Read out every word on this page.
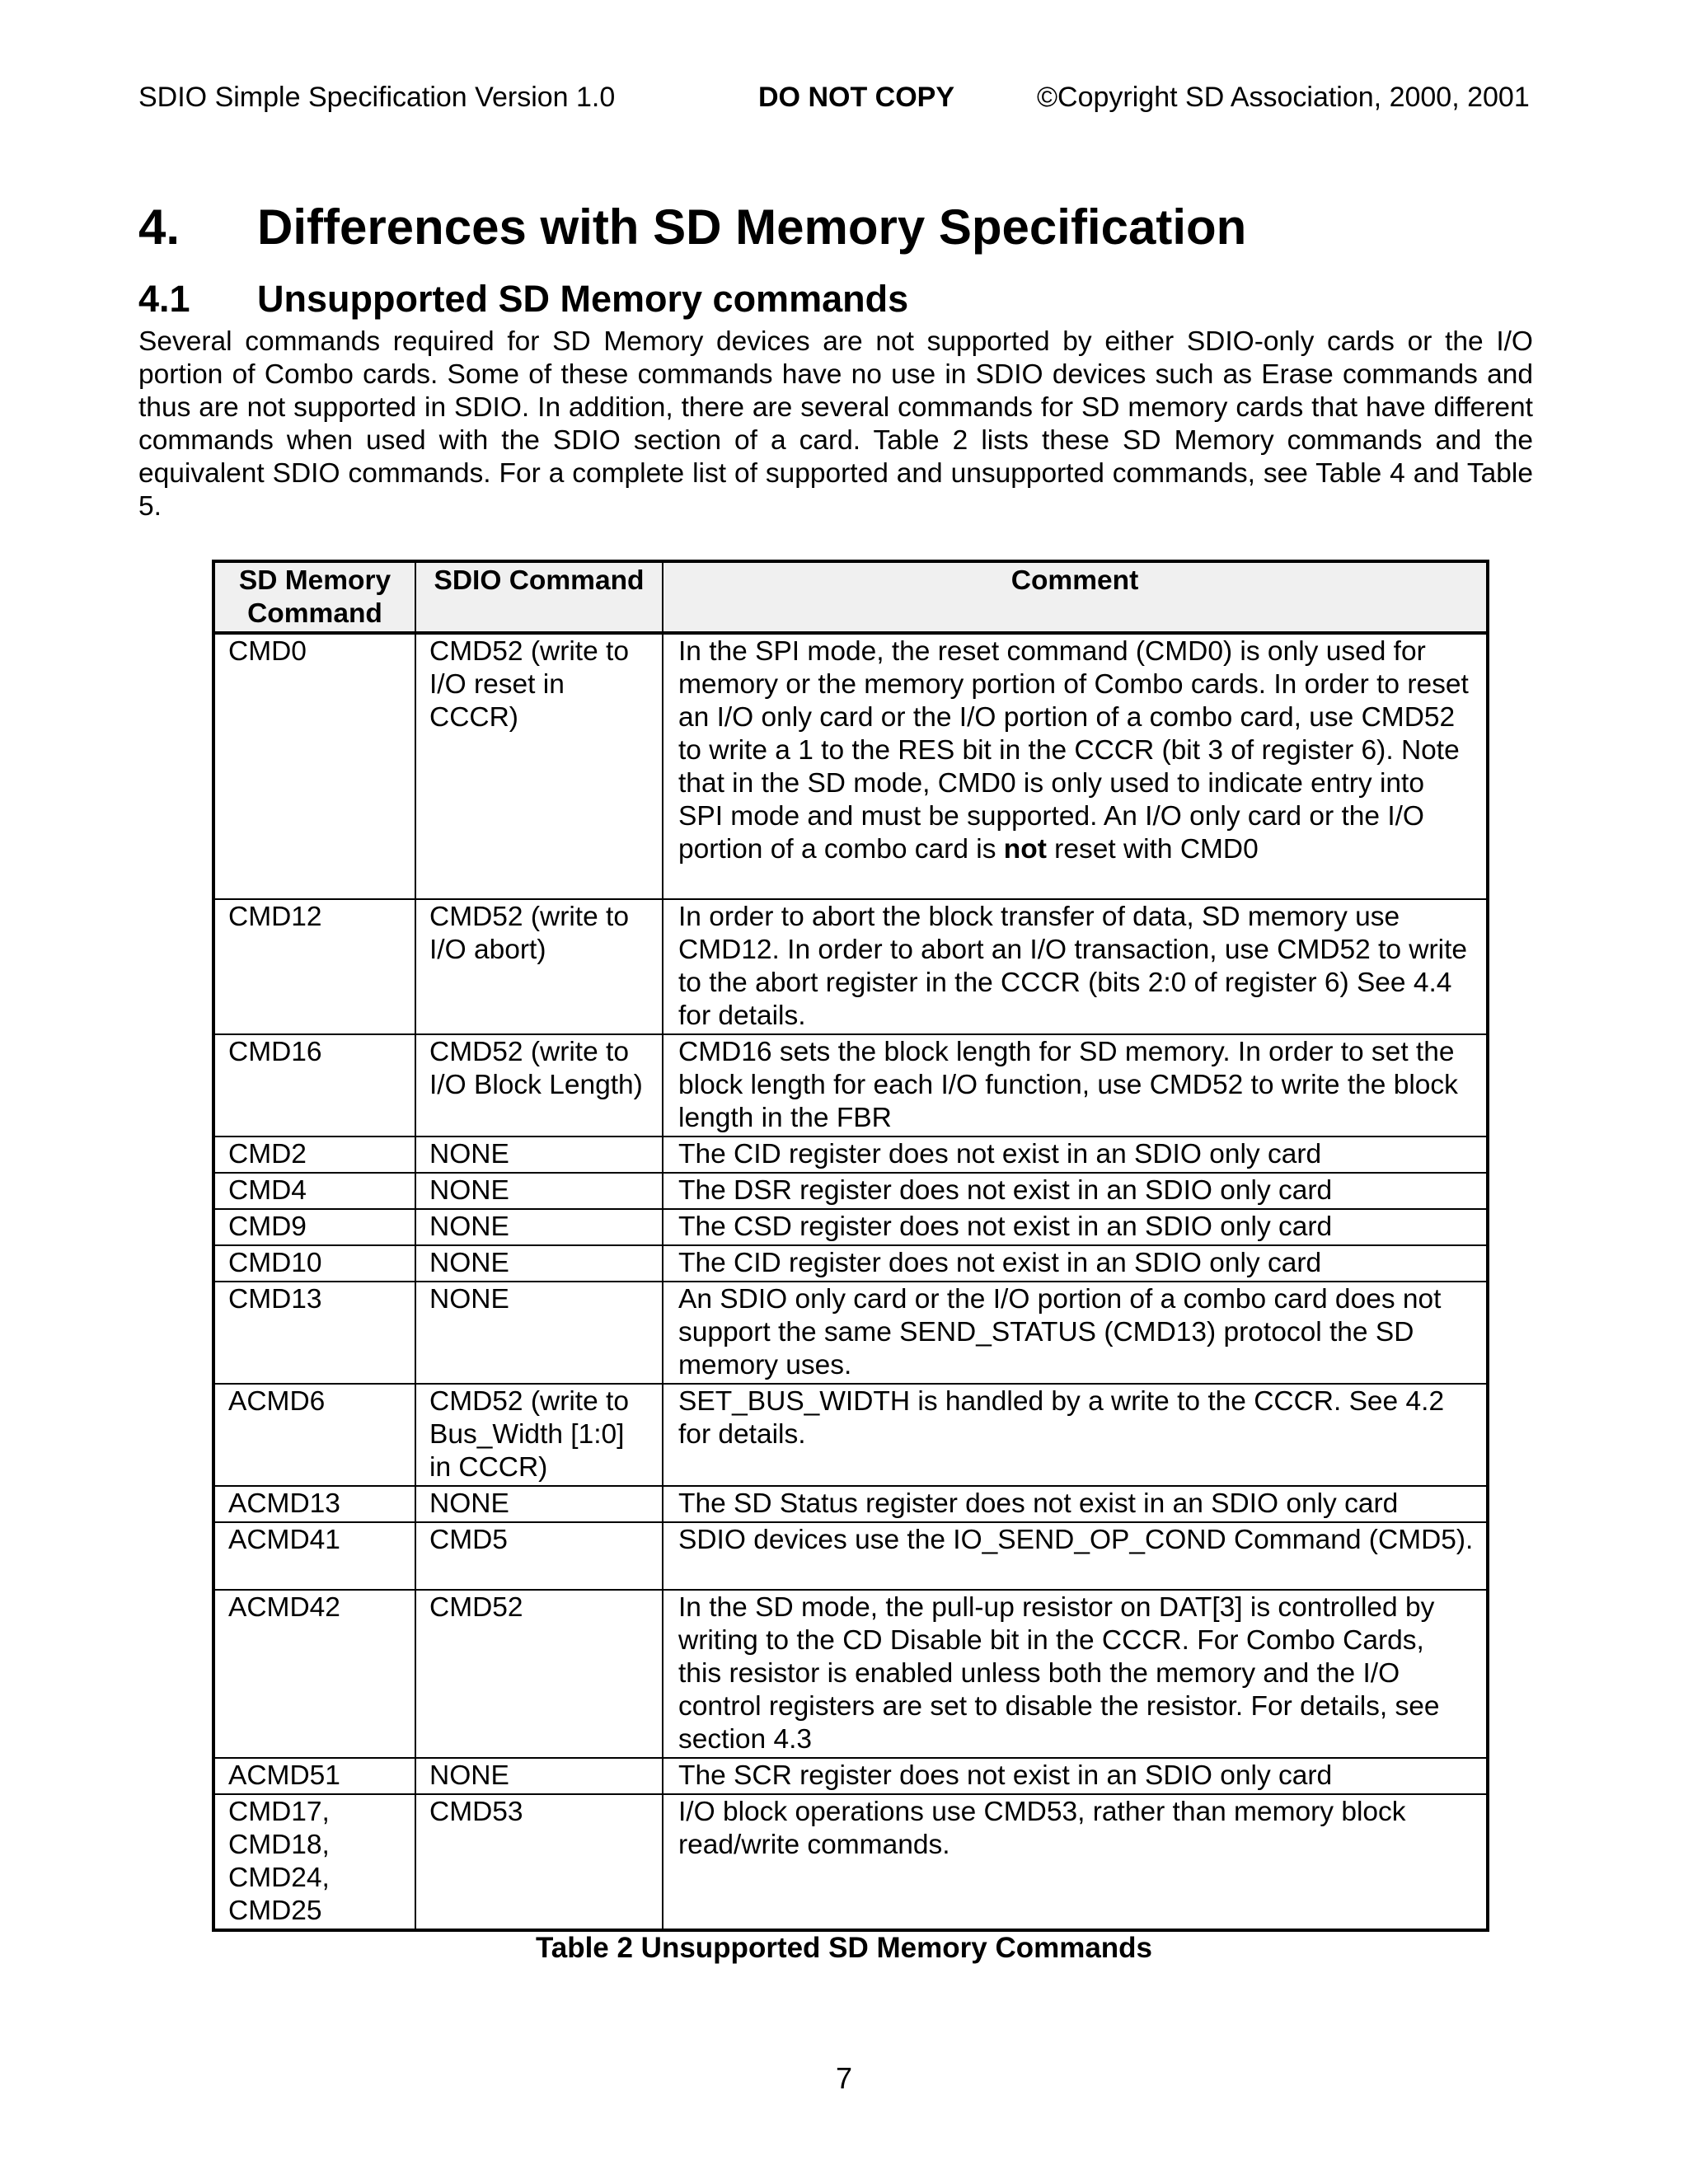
SDIO Simple Specification Version 1.0	DO NOT COPY	©Copyright SD Association, 2000, 2001
4. Differences with SD Memory Specification
4.1 Unsupported SD Memory commands

Several commands required for SD Memory devices are not supported by either SDIO-only cards or the I/O portion of Combo cards. Some of these commands have no use in SDIO devices such as Erase commands and thus are not supported in SDIO. In addition, there are several commands for SD memory cards that have different commands when used with the SDIO section of a card. Table 2 lists these SD Memory commands and the equivalent SDIO commands. For a complete list of supported and unsupported commands, see Table 4 and Table 5.

SD Memory Command	SDIO Command	Comment
CMD0	CMD52 (write to I/O reset in CCCR)	In the SPI mode, the reset command (CMD0) is only used for memory or the memory portion of Combo cards. In order to reset an I/O only card or the I/O portion of a combo card, use CMD52 to write a 1 to the RES bit in the CCCR (bit 3 of register 6). Note that in the SD mode, CMD0 is only used to indicate entry into SPI mode and must be supported. An I/O only card or the I/O portion of a combo card is not reset with CMD0
CMD12	CMD52 (write to I/O abort)	In order to abort the block transfer of data, SD memory use CMD12. In order to abort an I/O transaction, use CMD52 to write to the abort register in the CCCR (bits 2:0 of register 6) See 4.4 for details.
CMD16	CMD52 (write to I/O Block Length)	CMD16 sets the block length for SD memory. In order to set the block length for each I/O function, use CMD52 to write the block length in the FBR
CMD2	NONE	The CID register does not exist in an SDIO only card
CMD4	NONE	The DSR register does not exist in an SDIO only card
CMD9	NONE	The CSD register does not exist in an SDIO only card
CMD10	NONE	The CID register does not exist in an SDIO only card
CMD13	NONE	An SDIO only card or the I/O portion of a combo card does not support the same SEND_STATUS (CMD13) protocol the SD memory uses.
ACMD6	CMD52 (write to Bus_Width [1:0] in CCCR)	SET_BUS_WIDTH is handled by a write to the CCCR. See 4.2 for details.
ACMD13	NONE	The SD Status register does not exist in an SDIO only card
ACMD41	CMD5	SDIO devices use the IO_SEND_OP_COND Command (CMD5).
ACMD42	CMD52	In the SD mode, the pull-up resistor on DAT[3] is controlled by writing to the CD Disable bit in the CCCR. For Combo Cards, this resistor is enabled unless both the memory and the I/O control registers are set to disable the resistor. For details, see section 4.3
ACMD51	NONE	The SCR register does not exist in an SDIO only card
CMD17, CMD18, CMD24, CMD25	CMD53	I/O block operations use CMD53, rather than memory block read/write commands.
Table 2 Unsupported SD Memory Commands
7
